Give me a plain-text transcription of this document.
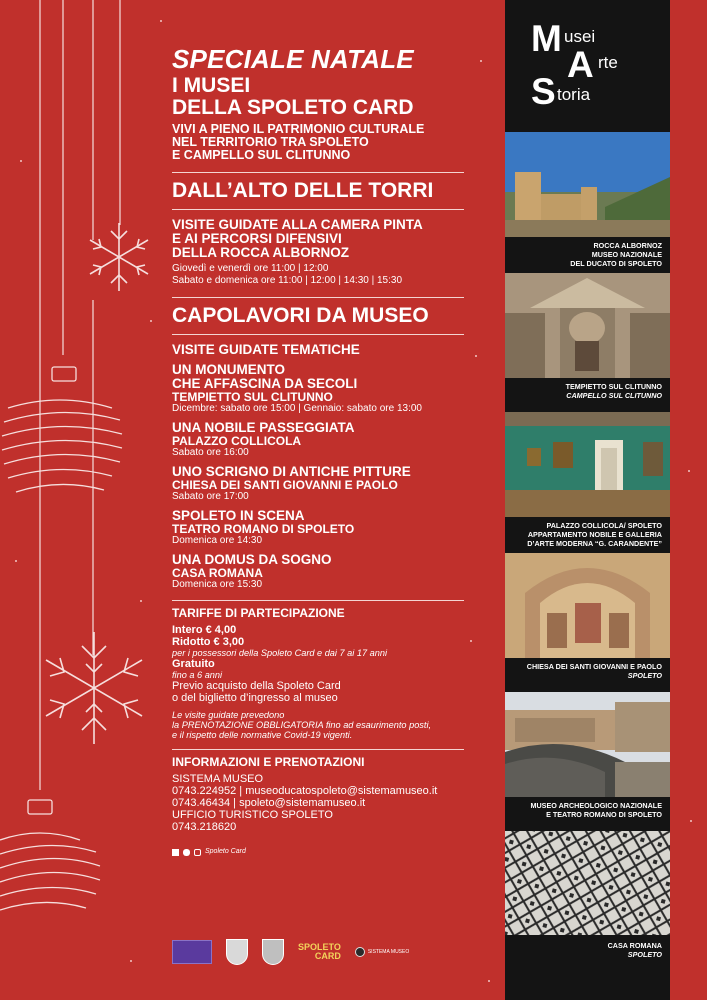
SPECIALE NATALE
I MUSEI
DELLA SPOLETO CARD
VIVI A PIENO IL PATRIMONIO CULTURALE
NEL TERRITORIO TRA SPOLETO
E CAMPELLO SUL CLITUNNO
DALL’ALTO DELLE TORRI
VISITE GUIDATE ALLA CAMERA PINTA
E AI PERCORSI DIFENSIVI
DELLA ROCCA ALBORNOZ
Giovedì e venerdì ore 11:00 | 12:00
Sabato e domenica ore 11:00 | 12:00 | 14:30 | 15:30
CAPOLAVORI DA MUSEO
VISITE GUIDATE TEMATICHE
UN MONUMENTO
CHE AFFASCINA DA SECOLI
TEMPIETTO SUL CLITUNNO
Dicembre: sabato ore 15:00 | Gennaio: sabato ore 13:00
UNA NOBILE PASSEGGIATA
PALAZZO COLLICOLA
Sabato ore 16:00
UNO SCRIGNO DI ANTICHE PITTURE
CHIESA DEI SANTI GIOVANNI E PAOLO
Sabato ore 17:00
SPOLETO IN SCENA
TEATRO ROMANO DI SPOLETO
Domenica ore 14:30
UNA DOMUS DA SOGNO
CASA ROMANA
Domenica ore 15:30
TARIFFE DI PARTECIPAZIONE
Intero € 4,00
Ridotto € 3,00
per i possessori della Spoleto Card e dai 7 ai 17 anni
Gratuito
fino a 6 anni
Previo acquisto della Spoleto Card
o del biglietto d’ingresso al museo
Le visite guidate prevedono
la PRENOTAZIONE OBBLIGATORIA fino ad esaurimento posti,
e il rispetto delle normative Covid-19 vigenti.
INFORMAZIONI E PRENOTAZIONI
SISTEMA MUSEO
0743.224952 | museoducatospoleto@sistemamuseo.it
0743.46434 | spoleto@sistemamuseo.it
UFFICIO TURISTICO SPOLETO
0743.218620
Spoleto Card
SPOLETO
CARD	SISTEMA MUSEO
M usei
A rte
S toria
ROCCA ALBORNOZ
MUSEO NAZIONALE
DEL DUCATO DI SPOLETO
TEMPIETTO SUL CLITUNNO
CAMPELLO SUL CLITUNNO
PALAZZO COLLICOLA/ SPOLETO
APPARTAMENTO NOBILE E GALLERIA
D’ARTE MODERNA “G. CARANDENTE”
CHIESA DEI SANTI GIOVANNI E PAOLO
SPOLETO
MUSEO ARCHEOLOGICO NAZIONALE
E TEATRO ROMANO DI SPOLETO
CASA ROMANA
SPOLETO
